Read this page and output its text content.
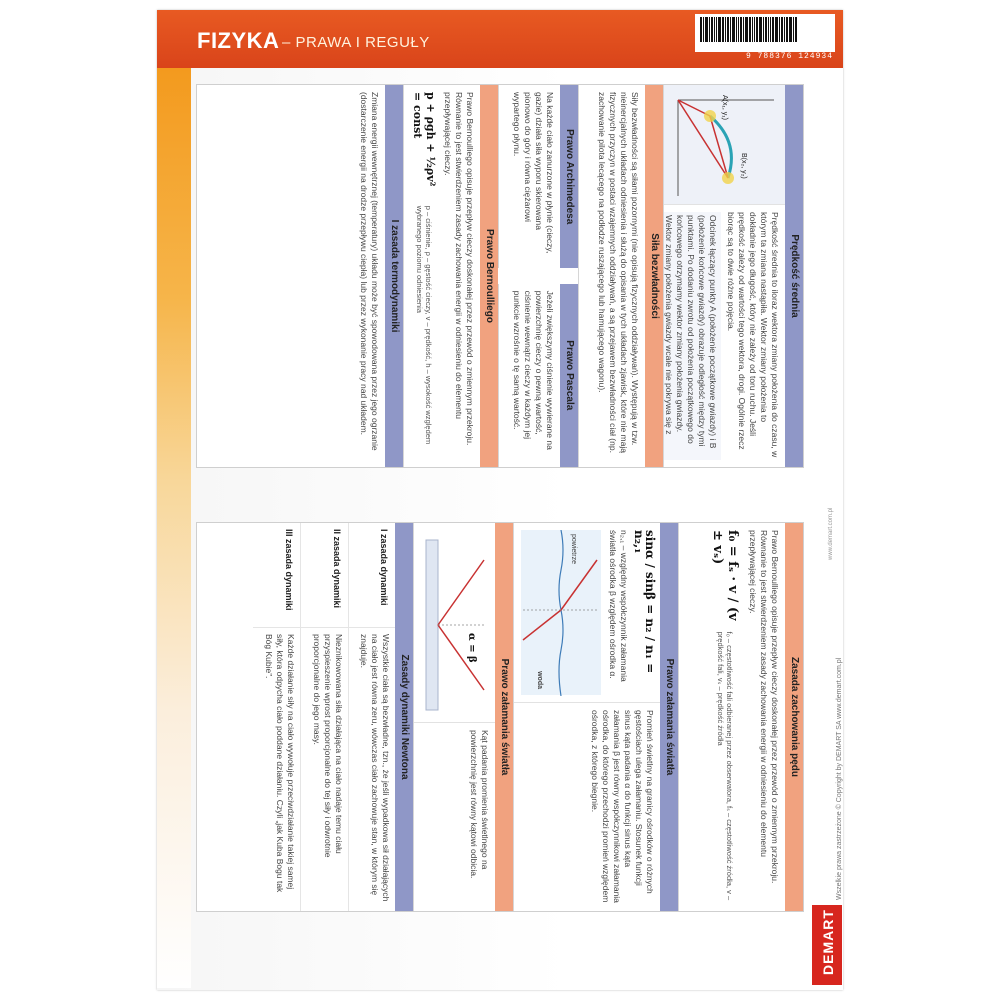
FIZYKA – PRAWA I REGUŁY
9 788376 124934
Prędkość średnia
A(x₁, y₁)
B(x₂, y₂)
Prędkość średnia to iloraz wektora zmiany położenia do czasu, w którym ta zmiana nastąpiła. Wektor zmiany położenia to dokładnie jego długość, który nie zależy od toru ruchu. Jeśli prędkość zależy od wartości tego wektora, drogi. Ogólnie rzecz biorąc są to dwie różne pojęcia.
Odcinek łączący punkty A (położenie początkowe gwiazdy) i B (położenie końcowe gwiazdy) obrazuje odległość między tymi punktami. Po dodaniu zwrotu od położenia początkowego do końcowego otrzymamy wektor zmiany położenia gwiazdy. Wektor zmiany położenia gwiazdy wcale nie pokrywa się z
Siła bezwładności
Siły bezwładności są siłami pozornymi (nie opisują fizycznych oddziaływań). Występują w tzw. nieinercjalnych układach odniesienia i służą do opisania w tych układach zjawisk, które nie mają fizycznych przyczyn w postaci wzajemnych oddziaływań, a są przejawem bezwładności ciał (np. zachowanie pilota lecącego na podłodze ruszającego lub hamującego wagonu).
Prawo Archimedesa
Na każde ciało zanurzone w płynie (cieczy, gazie) działa siła wyporu skierowana pionowo do góry i równa ciężarowi wypartego płynu.
Prawo Pascala
Jeżeli zwiększymy ciśnienie wywierane na powierzchnię cieczy o pewną wartość, ciśnienie wewnątrz cieczy w każdym jej punkcie wzrośnie o tę samą wartość.
Prawo Bernoulliego
Prawo Bernoulliego opisuje przepływ cieczy doskonałej przez przewód o zmiennym przekroju. Równanie to jest stwierdzeniem zasady zachowania energii w odniesieniu do elementu przepływającej cieczy.
p + ρgh + ½ρv² = const
p – ciśnienie, ρ – gęstość cieczy, v – prędkość, h – wysokość względem wybranego poziomu odniesienia
I zasada termodynamiki
Zmiana energii wewnętrznej (temperatury) układu może być spowodowana przez jego ogrzanie (dostarczenie energii na drodze przepływu ciepła) lub przez wykonanie pracy nad układem.
Zasada zachowania pędu
Prawo Bernoulliego opisuje przepływ cieczy doskonałej przez przewód o zmiennym przekroju. Równanie to jest stwierdzeniem zasady zachowania energii w odniesieniu do elementu przepływającej cieczy.
f₀ = fₛ · v / (v ± vₛ)
f₀ – częstotliwość fali odbieranej przez obserwatora, fₛ – częstotliwość źródła, v – prędkość fali, vₛ – prędkość źródła
Prawo załamania światła
sinα / sinβ = n₂ / n₁ = n₂,₁
n₂,₁ – względny współczynnik załamania światła ośrodka β względem ośrodka α.
powietrze
woda
Promień świetlny na granicy ośrodków o różnych gęstościach ulega załamaniu. Stosunek funkcji sinus kąta padania α do funkcji sinus kąta załamania β jest równy współczynnikowi załamania ośrodka, do którego przechodzi promień względem ośrodka, z którego biegnie.
Prawo załamania światła
α = β
Kąt padania promienia świetlnego na powierzchnię jest równy kątowi odbicia.
Zasady dynamiki Newtona
I zasada dynamiki
Wszystkie ciała są bezwładne, tzn., że jeśli wypadkowa sił działających na ciało jest równa zeru, wówczas ciało zachowuje stan, w którym się znajduje.
II zasada dynamiki
Nieznikowowana siła działająca na ciało nadaje temu ciału przyspieszenie wprost proporcjonalne do tej siły i odwrotnie proporcjonalne do jego masy.
III zasada dynamiki
Każde działanie siły na ciało wywołuje przeciwdziałanie takiej samej siły, która odpycha ciało poddane działaniu. Czyli „jak Kuba Bogu tak Bóg Kubie”.
DEMART
Wszelkie prawa zastrzeżone © Copyright by DEMART SA www.demart.com.pl
www.demart.com.pl
